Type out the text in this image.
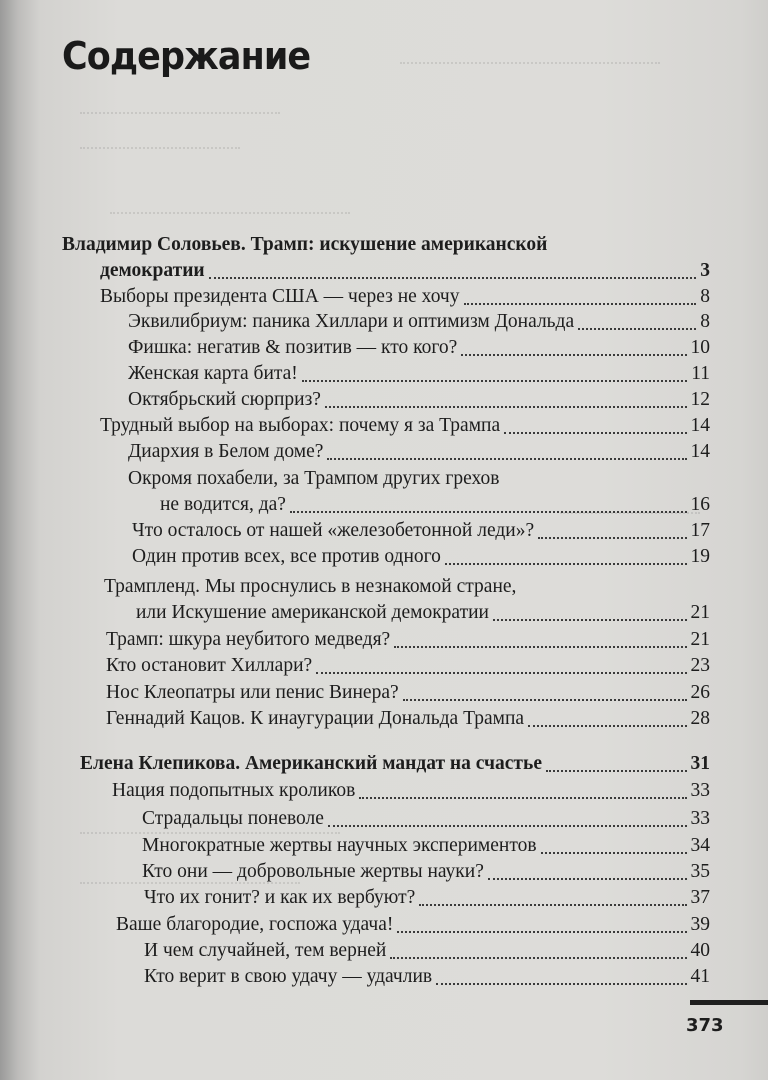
Содержание
Владимир Соловьев. Трамп: искушение американской
демократии	3
Выборы президента США — через не хочу	8
Эквилибриум: паника Хиллари и оптимизм Дональда	8
Фишка: негатив & позитив — кто кого?	10
Женская карта бита!	11
Октябрьский сюрприз?	12
Трудный выбор на выборах: почему я за Трампа	14
Диархия в Белом доме?	14
Окромя похабели, за Трампом других грехов
не водится, да?	16
Что осталось от нашей «железобетонной леди»?	17
Один против всех, все против одного	19
Трампленд. Мы проснулись в незнакомой стране,
или Искушение американской демократии	21
Трамп: шкура неубитого медведя?	21
Кто остановит Хиллари?	23
Нос Клеопатры или пенис Винера?	26
Геннадий Кацов. К инаугурации Дональда Трампа	28
Елена Клепикова. Американский мандат на счастье	31
Нация подопытных кроликов	33
Страдальцы поневоле	33
Многократные жертвы научных экспериментов	34
Кто они — добровольные жертвы науки?	35
Что их гонит? и как их вербуют?	37
Ваше благородие, госпожа удача!	39
И чем случайней, тем верней	40
Кто верит в свою удачу — удачлив	41
373
